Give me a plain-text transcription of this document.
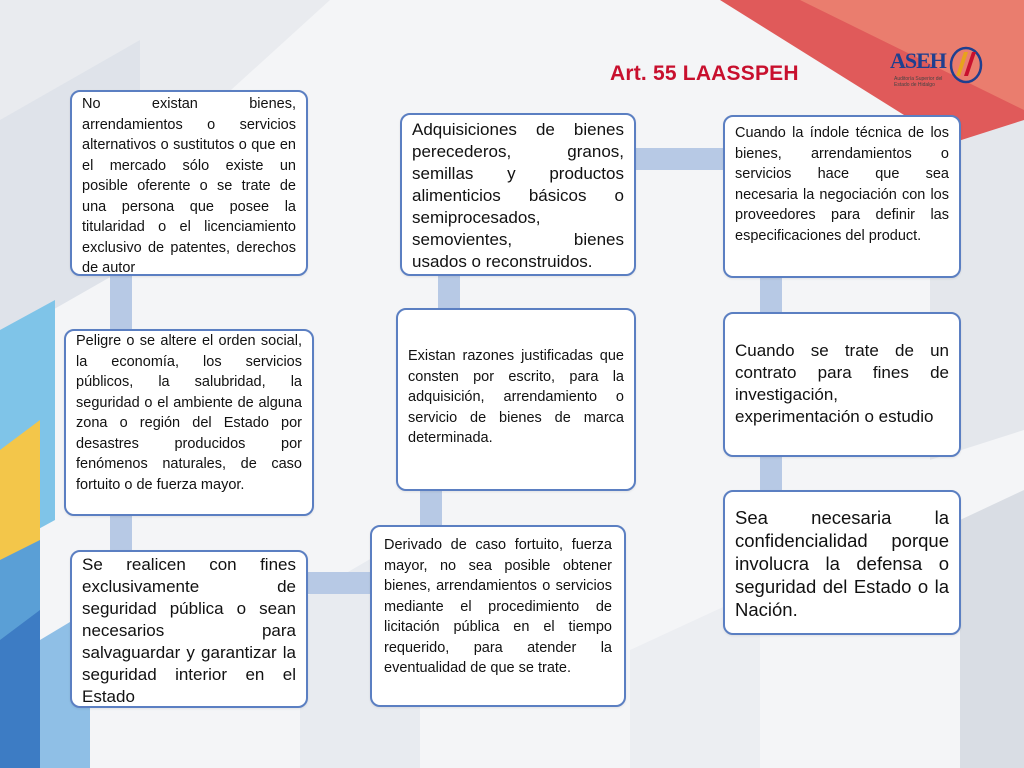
Art. 55 LAASSPEH
ASEH
Auditoría Superior del Estado de Hidalgo
No existan bienes, arrendamientos o servicios alternativos o sustitutos o que en el mercado sólo existe un posible oferente o se trate de una persona que posee la titularidad o el licenciamiento exclusivo de patentes, derechos de autor
Peligre o se altere el orden social, la economía, los servicios públicos, la salubridad, la seguridad o el ambiente de alguna zona o región del Estado por desastres producidos por fenómenos naturales, de caso fortuito o de fuerza mayor.
Se realicen con fines exclusivamente de seguridad pública o sean necesarios para salvaguardar y garantizar la seguridad interior en el Estado
Adquisiciones de bienes perecederos, granos, semillas y productos alimenticios básicos o semiprocesados, semovientes, bienes usados o reconstruidos.
Existan razones justificadas que consten por escrito, para la adquisición, arrendamiento o servicio de bienes de marca determinada.
Derivado de caso fortuito, fuerza mayor, no sea posible obtener bienes, arrendamientos o servicios mediante el procedimiento de licitación pública en el tiempo requerido, para atender la eventualidad de que se trate.
Cuando la índole técnica de los bienes, arrendamientos o servicios hace que sea necesaria la negociación con los proveedores para definir las especificaciones del product.
Cuando se trate de un contrato para fines de investigación, experimentación o estudio
Sea necesaria la confidencialidad porque involucra la defensa o seguridad del Estado o la Nación.
